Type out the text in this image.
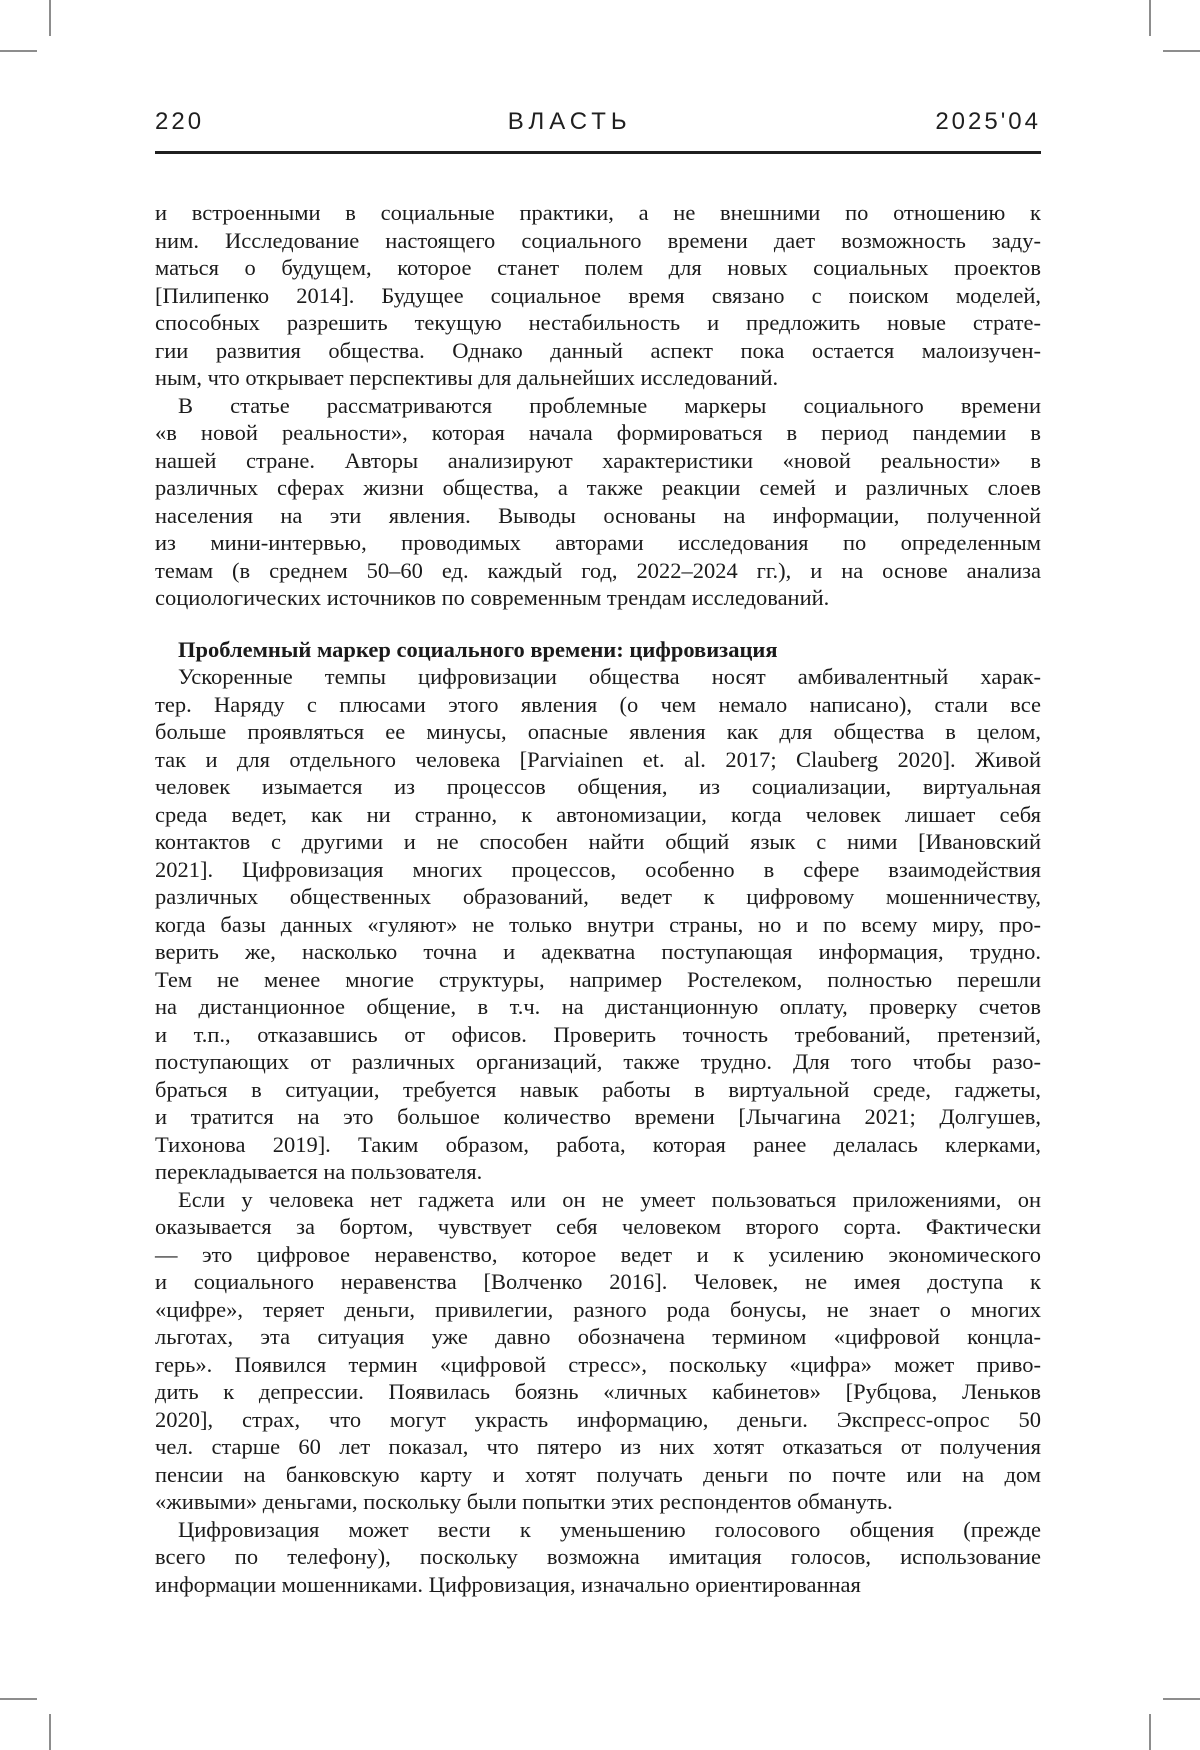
220	ВЛАСТЬ	2025'04
и встроенными в социальные практики, а не внешними по отношению к
ним. Исследование настоящего социального времени дает возможность заду-
маться о будущем, которое станет полем для новых социальных проектов
[Пилипенко 2014]. Будущее социальное время связано с поиском моделей,
способных разрешить текущую нестабильность и предложить новые страте-
гии развития общества. Однако данный аспект пока остается малоизучен-
ным, что открывает перспективы для дальнейших исследований.
В статье рассматриваются проблемные маркеры социального времени
«в новой реальности», которая начала формироваться в период пандемии в
нашей стране. Авторы анализируют характеристики «новой реальности» в
различных сферах жизни общества, а также реакции семей и различных слоев
населения на эти явления. Выводы основаны на информации, полученной
из мини-интервью, проводимых авторами исследования по определенным
темам (в среднем 50–60 ед. каждый год, 2022–2024 гг.), и на основе анализа
социологических источников по современным трендам исследований.
Проблемный маркер социального времени: цифровизация
Ускоренные темпы цифровизации общества носят амбивалентный харак-
тер. Наряду с плюсами этого явления (о чем немало написано), стали все
больше проявляться ее минусы, опасные явления как для общества в целом,
так и для отдельного человека [Parviainen et. al. 2017; Clauberg 2020]. Живой
человек изымается из процессов общения, из социализации, виртуальная
среда ведет, как ни странно, к автономизации, когда человек лишает себя
контактов с другими и не способен найти общий язык с ними [Ивановский
2021]. Цифровизация многих процессов, особенно в сфере взаимодействия
различных общественных образований, ведет к цифровому мошенничеству,
когда базы данных «гуляют» не только внутри страны, но и по всему миру, про-
верить же, насколько точна и адекватна поступающая информация, трудно.
Тем не менее многие структуры, например Ростелеком, полностью перешли
на дистанционное общение, в т.ч. на дистанционную оплату, проверку счетов
и т.п., отказавшись от офисов. Проверить точность требований, претензий,
поступающих от различных организаций, также трудно. Для того чтобы разо-
браться в ситуации, требуется навык работы в виртуальной среде, гаджеты,
и тратится на это большое количество времени [Лычагина 2021; Долгушев,
Тихонова 2019]. Таким образом, работа, которая ранее делалась клерками,
перекладывается на пользователя.
Если у человека нет гаджета или он не умеет пользоваться приложениями, он
оказывается за бортом, чувствует себя человеком второго сорта. Фактически
— это цифровое неравенство, которое ведет и к усилению экономического
и социального неравенства [Волченко 2016]. Человек, не имея доступа к
«цифре», теряет деньги, привилегии, разного рода бонусы, не знает о многих
льготах, эта ситуация уже давно обозначена термином «цифровой концла-
герь». Появился термин «цифровой стресс», поскольку «цифра» может приво-
дить к депрессии. Появилась боязнь «личных кабинетов» [Рубцова, Леньков
2020], страх, что могут украсть информацию, деньги. Экспресс-опрос 50
чел. старше 60 лет показал, что пятеро из них хотят отказаться от получения
пенсии на банковскую карту и хотят получать деньги по почте или на дом
«живыми» деньгами, поскольку были попытки этих респондентов обмануть.
Цифровизация может вести к уменьшению голосового общения (прежде
всего по телефону), поскольку возможна имитация голосов, использование
информации мошенниками. Цифровизация, изначально ориентированная
